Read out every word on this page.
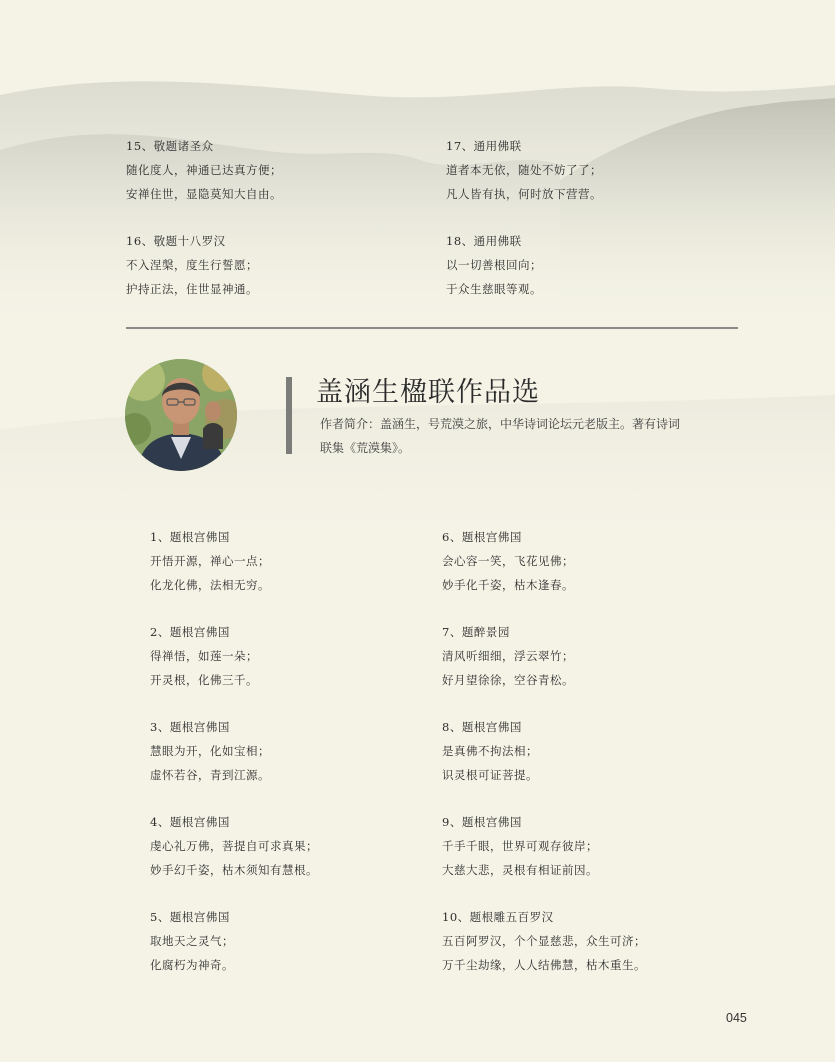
15、敬题诸圣众
随化度人，神通已达真方便；
安禅住世，显隐莫知大自由。
17、通用佛联
道者本无依，随处不妨了了；
凡人皆有执，何时放下营营。
16、敬题十八罗汉
不入涅槃，度生行誓愿；
护持正法，住世显神通。
18、通用佛联
以一切善根回向；
于众生慈眼等观。
盖涵生楹联作品选
作者简介：盖涵生，号荒漠之旅，中华诗词论坛元老版主。著有诗词联集《荒漠集》。
1、题根宫佛国
开悟开源，禅心一点；
化龙化佛，法相无穷。
6、题根宫佛国
会心容一笑，飞花见佛；
妙手化千姿，枯木逢春。
2、题根宫佛国
得禅悟，如莲一朵；
开灵根，化佛三千。
7、题醉景园
清风听细细，浮云翠竹；
好月望徐徐，空谷青松。
3、题根宫佛国
慧眼为开，化如宝相；
虚怀若谷，青到江源。
8、题根宫佛国
是真佛不拘法相；
识灵根可证菩提。
4、题根宫佛国
虔心礼万佛，菩提自可求真果；
妙手幻千姿，枯木须知有慧根。
9、题根宫佛国
千手千眼，世界可观存彼岸；
大慈大悲，灵根有相证前因。
5、题根宫佛国
取地天之灵气；
化腐朽为神奇。
10、题根雕五百罗汉
五百阿罗汉，个个显慈悲，众生可济；
万千尘劫缘，人人结佛慧，枯木重生。
045
